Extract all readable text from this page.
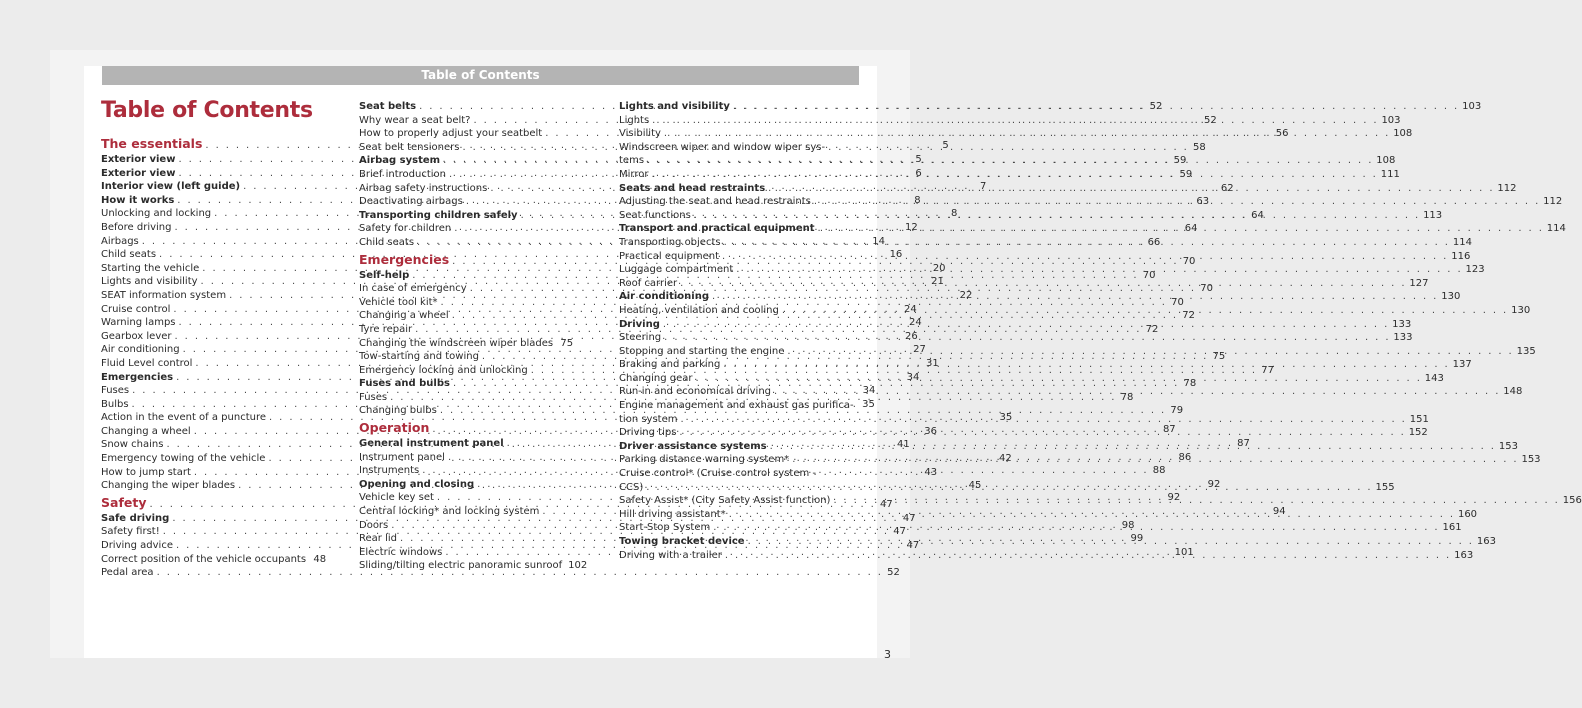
Table of Contents
Table of Contents
The essentials . . .	5
Exterior view . . .	5
Exterior view . . .	6
Interior view (left guide) . . .	7
How it works . . .	8
Unlocking and locking . . .	8
Before driving . . .	12
Airbags . . .	14
Child seats . . .	16
Starting the vehicle . . .	20
Lights and visibility . . .	21
SEAT information system . . .	22
Cruise control . . .	24
Warning lamps . . .	24
Gearbox lever . . .	26
Air conditioning . . .	27
Fluid Level control . . .	31
Emergencies . . .	34
Fuses . . .	34
Bulbs . . .	35
Action in the event of a puncture . . .	35
Changing a wheel . . .	36
Snow chains . . .	41
Emergency towing of the vehicle . . .	42
How to jump start . . .	43
Changing the wiper blades . . .	45
Safety . . .	47
Safe driving . . .	47
Safety first! . . .	47
Driving advice . . .	47
Correct position of the vehicle occupants 48
Pedal area . . .	52
Seat belts . . .	52
Why wear a seat belt? . . .	52
How to properly adjust your seatbelt . . .	56
Seat belt tensioners . . .	58
Airbag system . . .	59
Brief introduction . . .	59
Airbag safety instructions . . .	62
Deactivating airbags . . .	63
Transporting children safely . . .	64
Safety for children . . .	64
Child seats . . .	66
Emergencies . . .	70
Self-help . . .	70
In case of emergency . . .	70
Vehicle tool kit* . . .	70
Changing a wheel . . .	72
Tyre repair . . .	72
Changing the windscreen wiper blades 75
Tow-starting and towing . . .	75
Emergency locking and unlocking . . .	77
Fuses and bulbs . . .	78
Fuses . . .	78
Changing bulbs . . .	79
Operation . . .	87
General instrument panel . . .	87
Instrument panel . . .	86
Instruments . . .	88
Opening and closing . . .	92
Vehicle key set . . .	92
Central locking* and locking system . . .	94
Doors . . .	98
Rear lid . . .	99
Electric windows . . .	101
Sliding/tilting electric panoramic sunroof 102
Lights and visibility . . .	103
Lights . . .	103
Visibility . . .	108
Windscreen wiper and window wiper sys-
tems . . .	108
Mirror . . .	111
Seats and head restraints . . .	112
Adjusting the seat and head restraints . . .	112
Seat functions . . .	113
Transport and practical equipment . . .	114
Transporting objects . . .	114
Practical equipment . . .	116
Luggage compartment . . .	123
Roof carrier . . .	127
Air conditioning . . .	130
Heating, ventilation and cooling . . .	130
Driving . . .	133
Steering . . .	133
Stopping and starting the engine . . .	135
Braking and parking . . .	137
Changing gear . . .	143
Run-in and economical driving . . .	148
Engine management and exhaust gas purifica-
tion system . . .	151
Driving tips . . .	152
Driver assistance systems . . .	153
Parking distance warning system* . . .	153
Cruise control* (Cruise control system -
CCS) . . .	155
Safety Assist* (City Safety Assist function) . . .	156
Hill driving assistant* . . .	160
Start-Stop System . . .	161
Towing bracket device . . .	163
Driving with a trailer . . .	163
3
